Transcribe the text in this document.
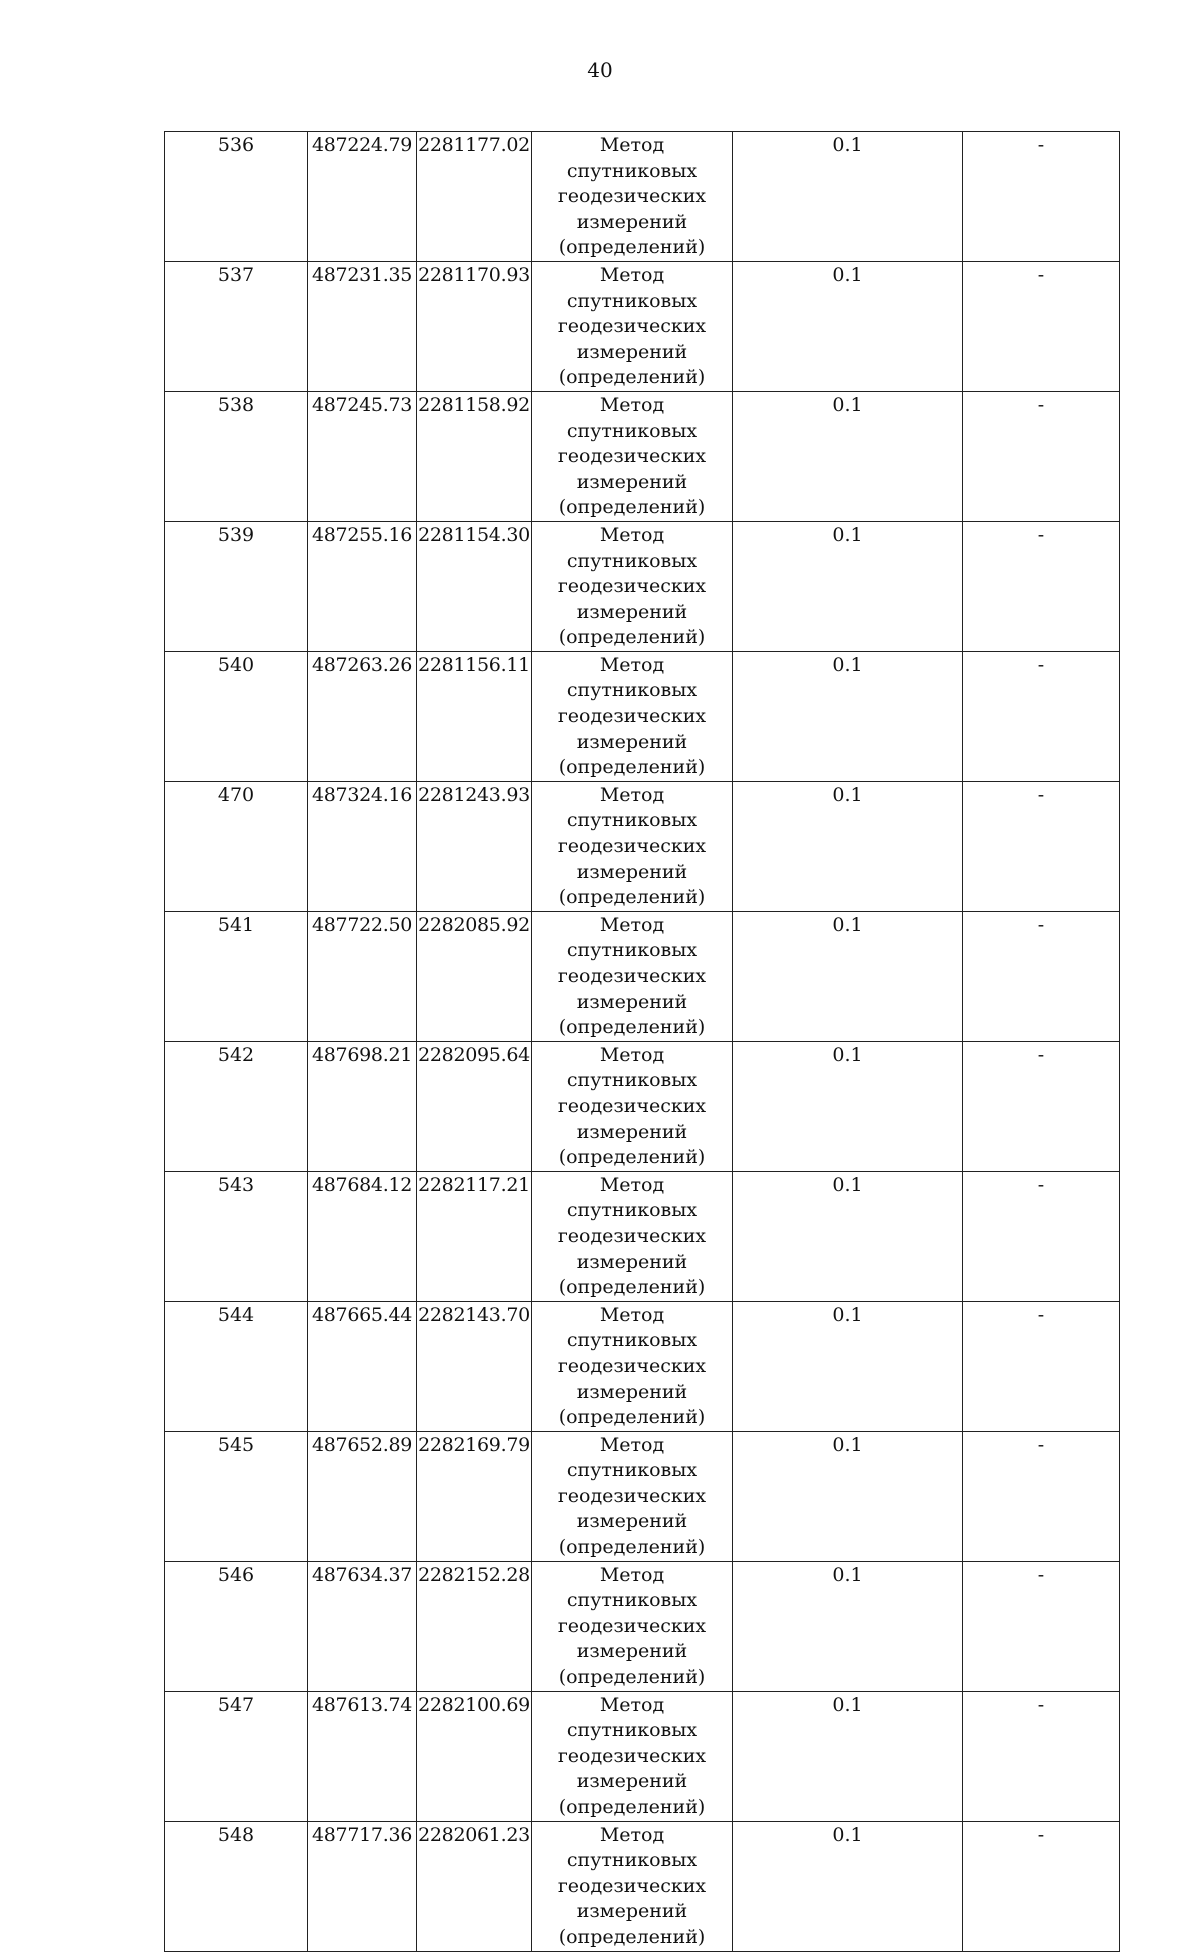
40
536	487224.79	2281177.02	Метод спутниковых
геодезических
измерений
(определений)	0.1	-
537	487231.35	2281170.93	Метод спутниковых
геодезических
измерений
(определений)	0.1	-
538	487245.73	2281158.92	Метод спутниковых
геодезических
измерений
(определений)	0.1	-
539	487255.16	2281154.30	Метод спутниковых
геодезических
измерений
(определений)	0.1	-
540	487263.26	2281156.11	Метод спутниковых
геодезических
измерений
(определений)	0.1	-
470	487324.16	2281243.93	Метод спутниковых
геодезических
измерений
(определений)	0.1	-
541	487722.50	2282085.92	Метод спутниковых
геодезических
измерений
(определений)	0.1	-
542	487698.21	2282095.64	Метод спутниковых
геодезических
измерений
(определений)	0.1	-
543	487684.12	2282117.21	Метод спутниковых
геодезических
измерений
(определений)	0.1	-
544	487665.44	2282143.70	Метод спутниковых
геодезических
измерений
(определений)	0.1	-
545	487652.89	2282169.79	Метод спутниковых
геодезических
измерений
(определений)	0.1	-
546	487634.37	2282152.28	Метод спутниковых
геодезических
измерений
(определений)	0.1	-
547	487613.74	2282100.69	Метод спутниковых
геодезических
измерений
(определений)	0.1	-
548	487717.36	2282061.23	Метод спутниковых
геодезических
измерений
(определений)	0.1	-
